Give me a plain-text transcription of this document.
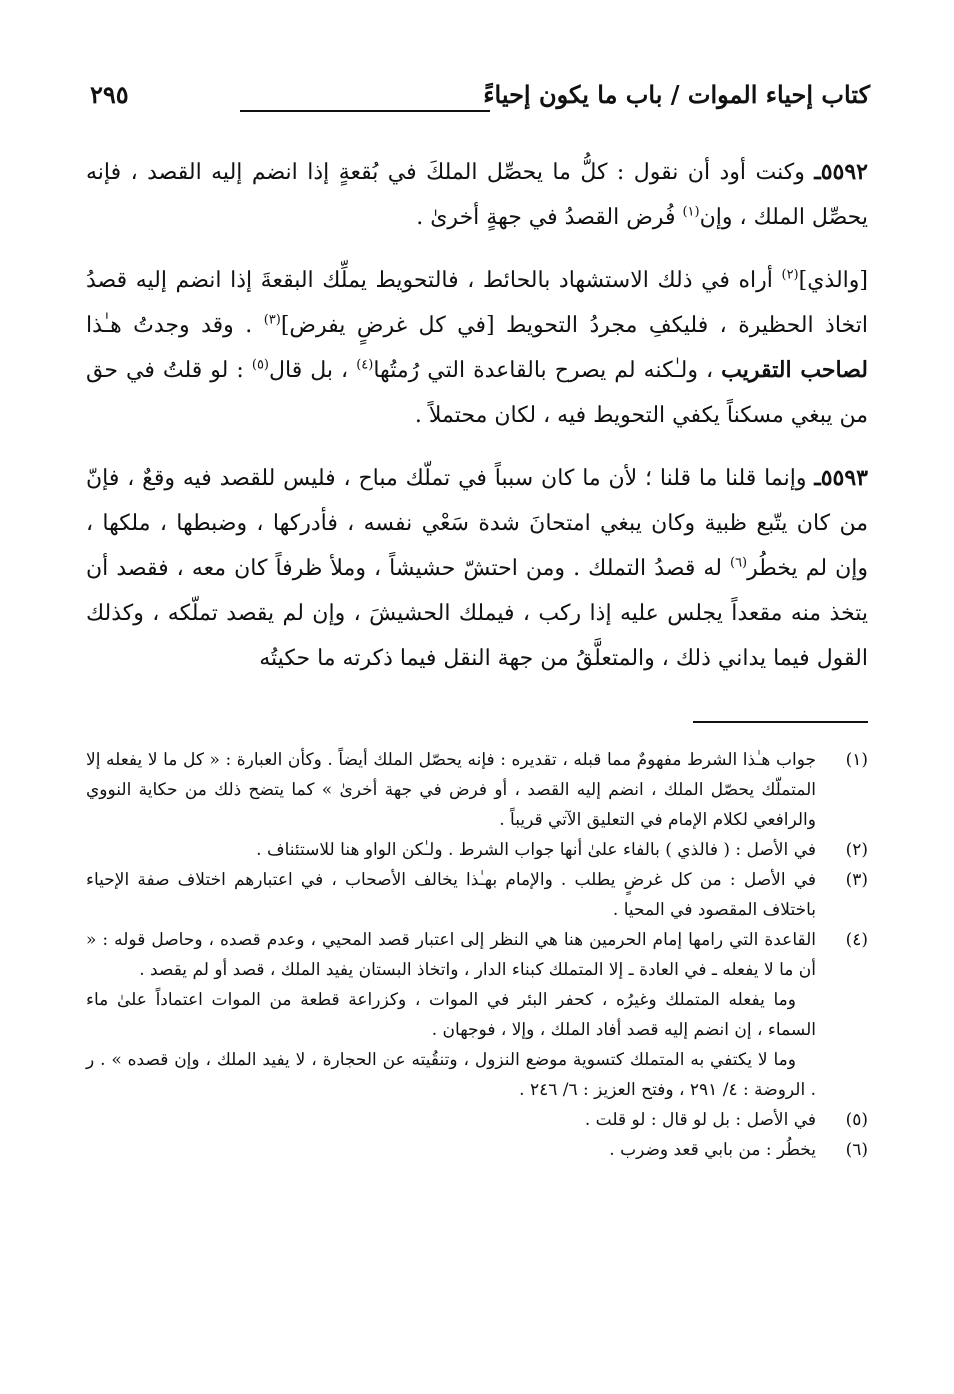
كتاب إحياء الموات / باب ما يكون إحياءً
٢٩٥

٥٥٩٢ـ وكنت أود أن نقول : كلُّ ما يحصِّل الملكَ في بُقعةٍ إذا انضم إليه القصد ، فإنه يحصِّل الملك ، وإن$^{(١)}$ فُرض القصدُ في جهةٍ أخرىٰ .

[والذي]$^{(٢)}$ أراه في ذلك الاستشهاد بالحائط ، فالتحويط يملِّك البقعةَ إذا انضم إليه قصدُ اتخاذ الحظيرة ، فليكفِ مجردُ التحويط [في كل غرضٍ يفرض]$^{(٣)}$ . وقد وجدتُ هـٰذا لصاحب التقريب ، ولـٰكنه لم يصرح بالقاعدة التي رُمتُها$^{(٤)}$ ، بل قال$^{(٥)}$ : لو قلتُ في حق من يبغي مسكناً يكفي التحويط فيه ، لكان محتملاً .

٥٥٩٣ـ وإنما قلنا ما قلنا ؛ لأن ما كان سبباً في تملّك مباح ، فليس للقصد فيه وقعٌ ، فإنّ من كان يتّبع ظبية وكان يبغي امتحانَ شدة سَعْي نفسه ، فأدركها ، وضبطها ، ملكها ، وإن لم يخطُر$^{(٦)}$ له قصدُ التملك . ومن احتشّ حشيشاً ، وملأ ظرفاً كان معه ، فقصد أن يتخذ منه مقعداً يجلس عليه إذا ركب ، فيملك الحشيشَ ، وإن لم يقصد تملّكه ، وكذلك القول فيما يداني ذلك ، والمتعلَّقُ من جهة النقل فيما ذكرته ما حكيتُه

(١)
جواب هـٰذا الشرط مفهومٌ مما قبله ، تقديره : فإنه يحصّل الملك أيضاً . وكأن العبارة : « كل ما لا يفعله إلا المتملّك يحصّل الملك ، انضم إليه القصد ، أو فرض في جهة أخرىٰ » كما يتضح ذلك من حكاية النووي والرافعي لكلام الإمام في التعليق الآتي قريباً .
(٢)
في الأصل : ( فالذي ) بالفاء علىٰ أنها جواب الشرط . ولـٰكن الواو هنا للاستئناف .
(٣)
في الأصل : من كل غرضٍ يطلب . والإمام بهـٰذا يخالف الأصحاب ، في اعتبارهم اختلاف صفة الإحياء باختلاف المقصود في المحيا .
(٤)
القاعدة التي رامها إمام الحرمين هنا هي النظر إلى اعتبار قصد المحيي ، وعدم قصده ، وحاصل قوله : « أن ما لا يفعله ـ في العادة ـ إلا المتملك كبناء الدار ، واتخاذ البستان يفيد الملك ، قصد أو لم يقصد .
وما يفعله المتملك وغيرُه ، كحفر البئر في الموات ، وكزراعة قطعة من الموات اعتماداً علىٰ ماء السماء ، إن انضم إليه قصد أفاد الملك ، وإلا ، فوجهان .
وما لا يكتفي به المتملك كتسوية موضع النزول ، وتنقُيته عن الحجارة ، لا يفيد الملك ، وإن قصده » . ر . الروضة : ٤/ ٢٩١ ، وفتح العزيز : ٦/ ٢٤٦ .
(٥)
في الأصل : بل لو قال : لو قلت .
(٦)
يخطُر : من بابي قعد وضرب .
